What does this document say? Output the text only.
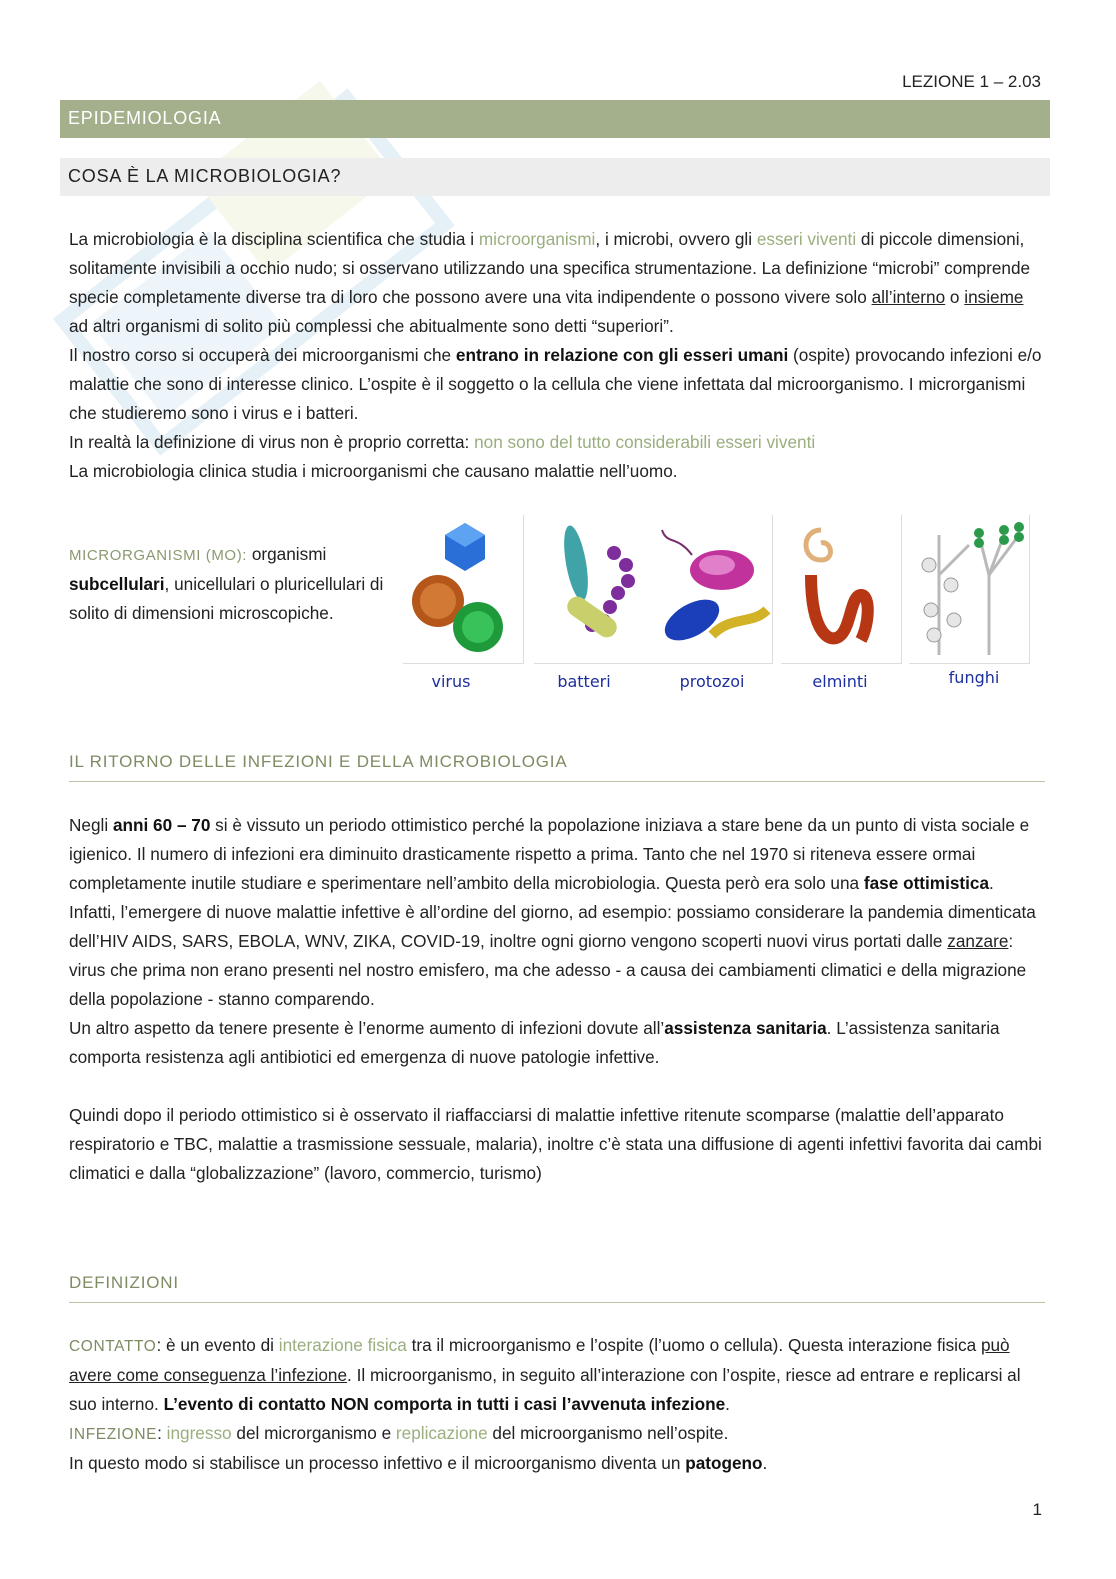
LEZIONE 1 – 2.03
EPIDEMIOLOGIA
COSA È LA MICROBIOLOGIA?

La microbiologia è la disciplina scientifica che studia i microorganismi, i microbi, ovvero gli esseri viventi di piccole dimensioni, solitamente invisibili a occhio nudo; si osservano utilizzando una specifica strumentazione. La definizione “microbi” comprende specie completamente diverse tra di loro che possono avere una vita indipendente o possono vivere solo all’interno o insieme ad altri organismi di solito più complessi che abitualmente sono detti “superiori”.

Il nostro corso si occuperà dei microorganismi che entrano in relazione con gli esseri umani (ospite) provocando infezioni e/o malattie che sono di interesse clinico. L’ospite è il soggetto o la cellula che viene infettata dal microorganismo. I microrganismi che studieremo sono i virus e i batteri.

In realtà la definizione di virus non è proprio corretta: non sono del tutto considerabili esseri viventi

La microbiologia clinica studia i microorganismi che causano malattie nell’uomo.

MICRORGANISMI (MO): organismi subcellulari, unicellulari o pluricellulari di solito di dimensioni microscopiche.
virus	batteri	protozoi	elminti	funghi
IL RITORNO DELLE INFEZIONI E DELLA MICROBIOLOGIA

Negli anni 60 – 70 si è vissuto un periodo ottimistico perché la popolazione iniziava a stare bene da un punto di vista sociale e igienico. Il numero di infezioni era diminuito drasticamente rispetto a prima. Tanto che nel 1970 si riteneva essere ormai completamente inutile studiare e sperimentare nell’ambito della microbiologia. Questa però era solo una fase ottimistica.

Infatti, l’emergere di nuove malattie infettive è all’ordine del giorno, ad esempio: possiamo considerare la pandemia dimenticata dell’HIV AIDS, SARS, EBOLA, WNV, ZIKA, COVID-19, inoltre ogni giorno vengono scoperti nuovi virus portati dalle zanzare: virus che prima non erano presenti nel nostro emisfero, ma che adesso - a causa dei cambiamenti climatici e della migrazione della popolazione - stanno comparendo.

Un altro aspetto da tenere presente è l’enorme aumento di infezioni dovute all’assistenza sanitaria. L’assistenza sanitaria comporta resistenza agli antibiotici ed emergenza di nuove patologie infettive.

Quindi dopo il periodo ottimistico si è osservato il riaffacciarsi di malattie infettive ritenute scomparse (malattie dell’apparato respiratorio e TBC, malattie a trasmissione sessuale, malaria), inoltre c’è stata una diffusione di agenti infettivi favorita dai cambi climatici e dalla “globalizzazione” (lavoro, commercio, turismo)

DEFINIZIONI

CONTATTO: è un evento di interazione fisica tra il microorganismo e l’ospite (l’uomo o cellula). Questa interazione fisica può avere come conseguenza l’infezione. Il microorganismo, in seguito all’interazione con l’ospite, riesce ad entrare e replicarsi al suo interno. L’evento di contatto NON comporta in tutti i casi l’avvenuta infezione.

INFEZIONE: ingresso del microrganismo e replicazione del microorganismo nell’ospite.

In questo modo si stabilisce un processo infettivo e il microorganismo diventa un patogeno.

1
